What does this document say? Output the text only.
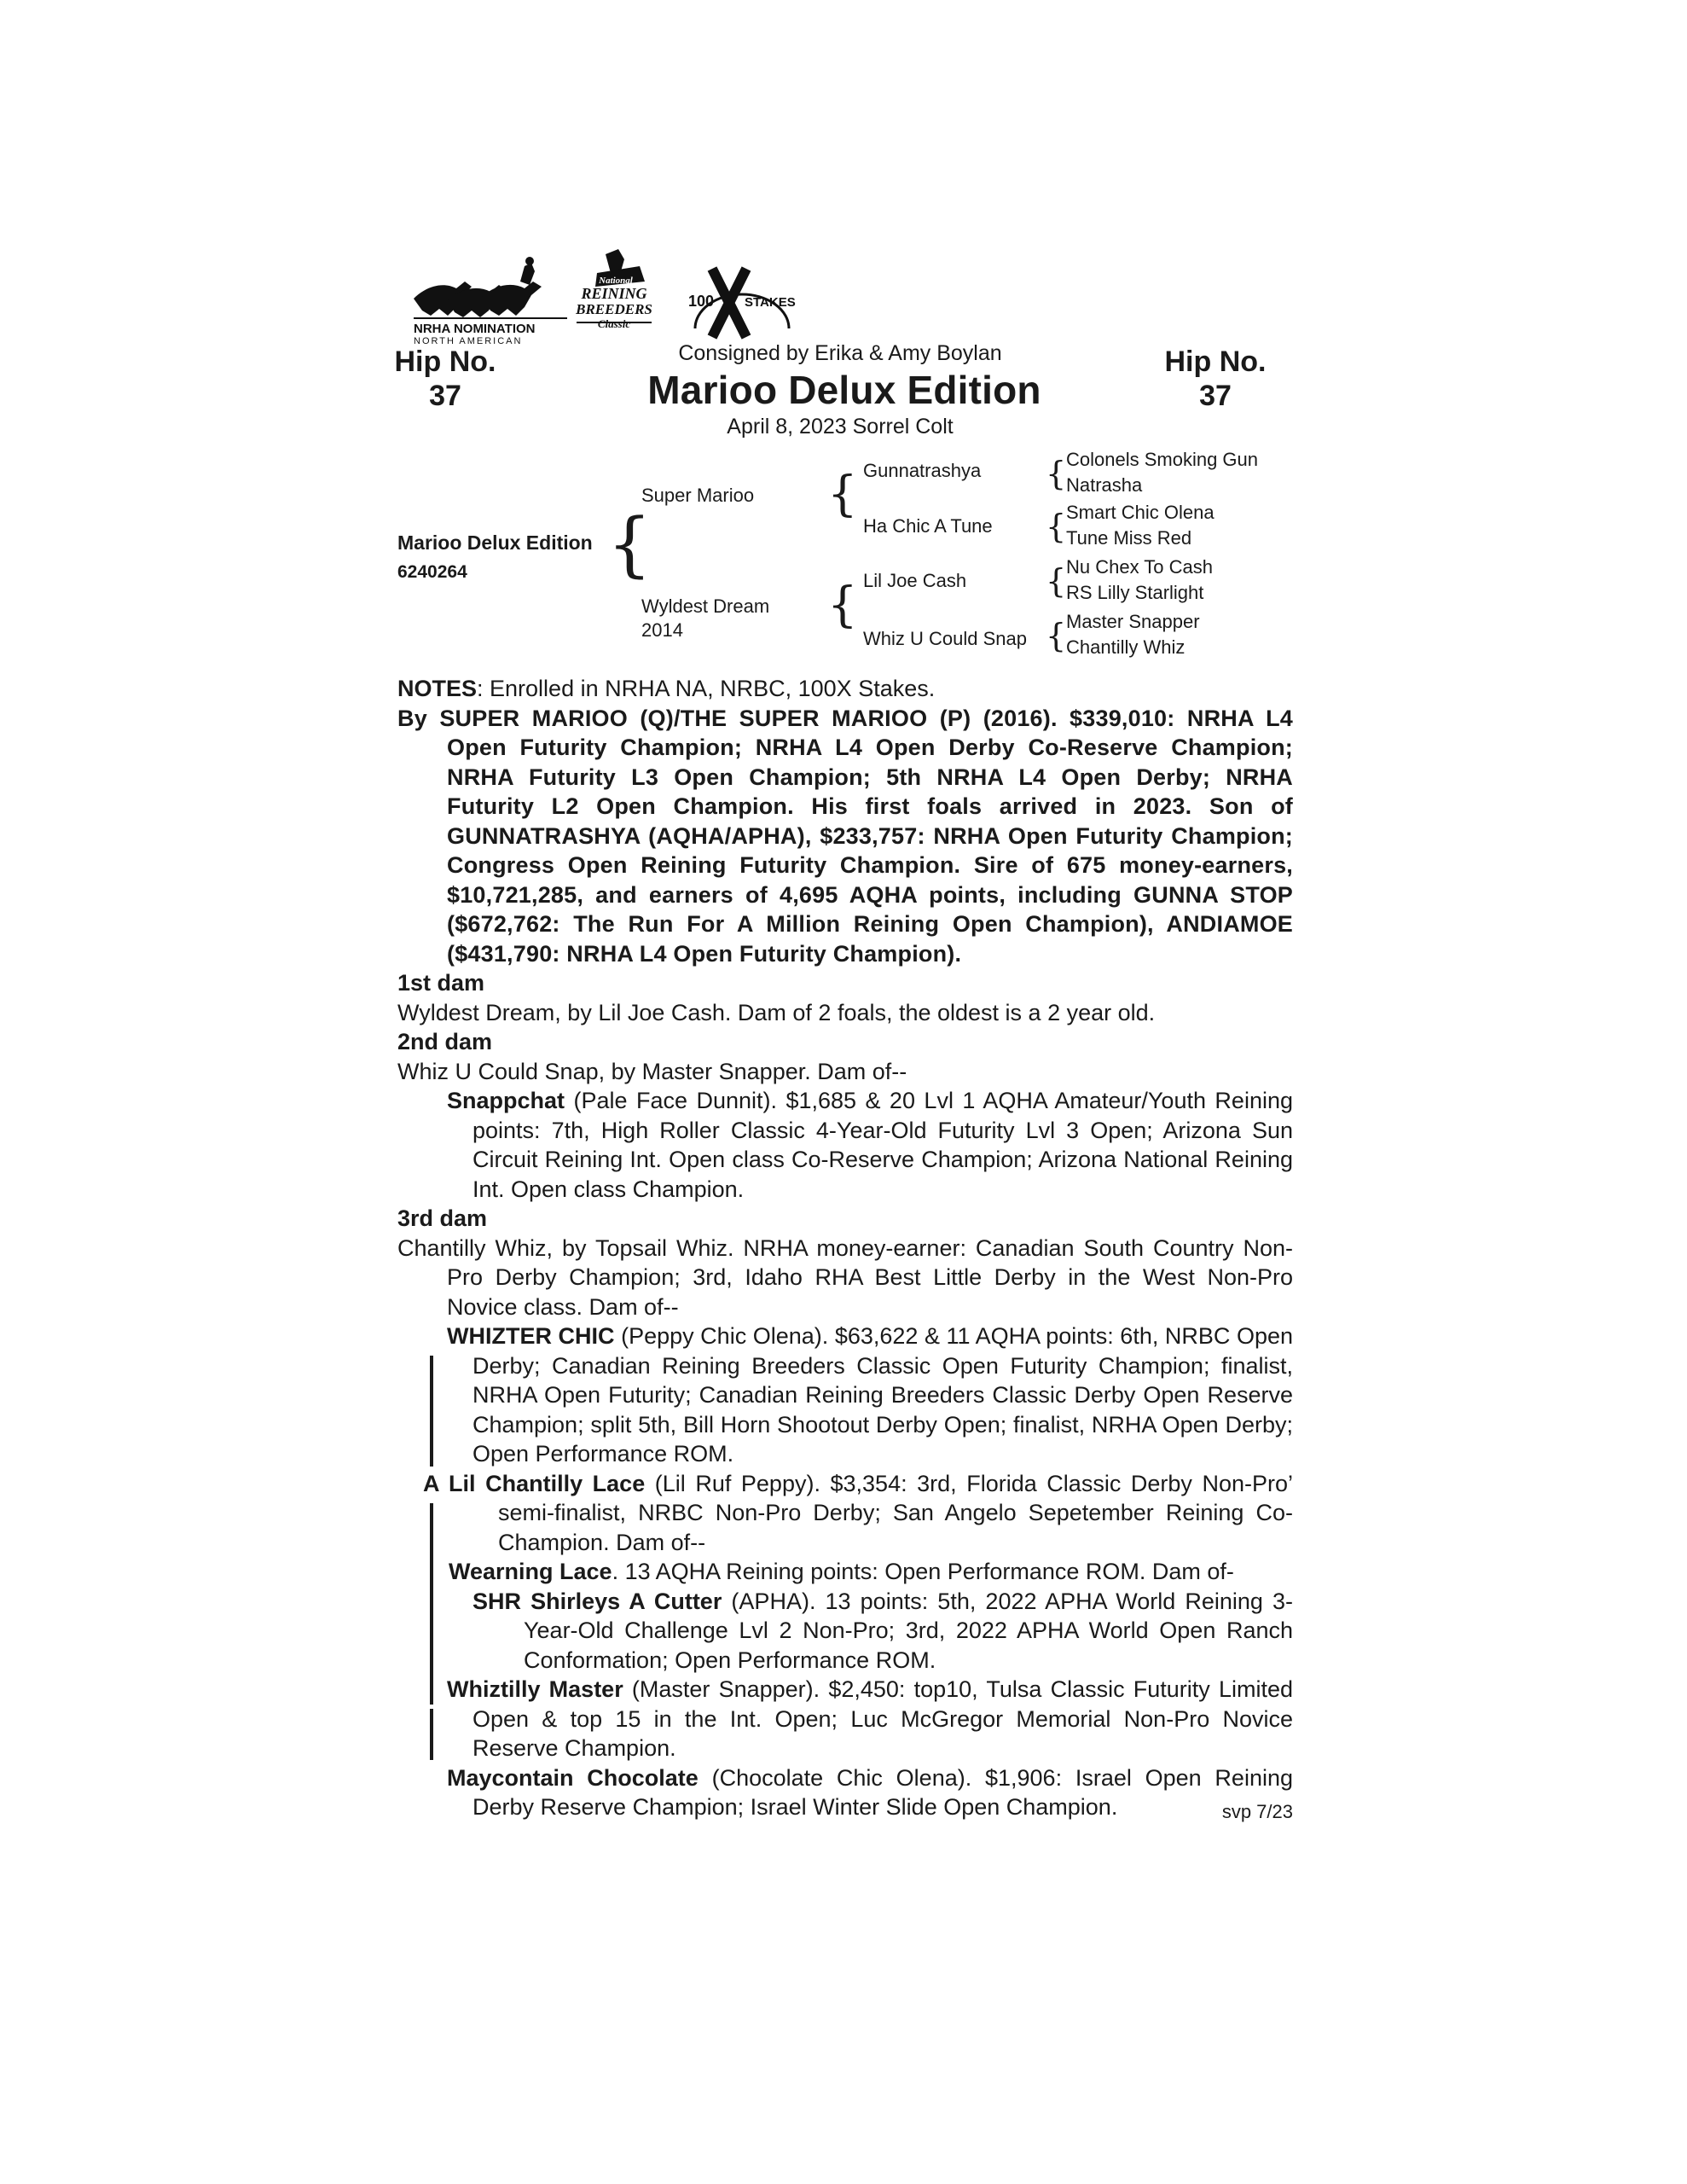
NRHA NOMINATION
NORTH AMERICAN
National
REINING
BREEDERS
Classic
100 STAKES
Hip No.
37
Hip No.
37
Consigned by Erika & Amy Boylan
Marioo Delux Edition
April 8, 2023 Sorrel Colt
Marioo Delux Edition
6240264 {
Super Marioo
Wyldest Dream
2014
{
{
Gunnatrashya
Ha Chic A Tune
Lil Joe Cash
Whiz U Could Snap
{
{
{
{
Colonels Smoking Gun
Natrasha
Smart Chic Olena
Tune Miss Red
Nu Chex To Cash
RS Lilly Starlight
Master Snapper
Chantilly Whiz

NOTES: Enrolled in NRHA NA, NRBC, 100X Stakes.

By SUPER MARIOO (Q)/THE SUPER MARIOO (P) (2016). $339,010: NRHA L4 Open Futurity Champion; NRHA L4 Open Derby Co-Reserve Champion; NRHA Futurity L3 Open Champion; 5th NRHA L4 Open Derby; NRHA Futurity L2 Open Champion. His first foals arrived in 2023. Son of GUNNATRASHYA (AQHA/APHA), $233,757: NRHA Open Futurity Champion; Congress Open Reining Futurity Champion. Sire of 675 money-earners, $10,721,285, and earners of 4,695 AQHA points, including GUNNA STOP ($672,762: The Run For A Million Reining Open Champion), ANDIAMOE ($431,790: NRHA L4 Open Futurity Champion).

1st dam

Wyldest Dream, by Lil Joe Cash. Dam of 2 foals, the oldest is a 2 year old.

2nd dam

Whiz U Could Snap, by Master Snapper. Dam of--

Snappchat (Pale Face Dunnit). $1,685 & 20 Lvl 1 AQHA Amateur/Youth Reining points: 7th, High Roller Classic 4-Year-Old Futurity Lvl 3 Open; Arizona Sun Circuit Reining Int. Open class Co-Reserve Champion; Arizona National Reining Int. Open class Champion.

3rd dam

Chantilly Whiz, by Topsail Whiz. NRHA money-earner: Canadian South Country Non-Pro Derby Champion; 3rd, Idaho RHA Best Little Derby in the West Non-Pro Novice class. Dam of--

WHIZTER CHIC (Peppy Chic Olena). $63,622 & 11 AQHA points: 6th, NRBC Open Derby; Canadian Reining Breeders Classic Open Futurity Champion; finalist, NRHA Open Futurity; Canadian Reining Breeders Classic Derby Open Reserve Champion; split 5th, Bill Horn Shootout Derby Open; finalist, NRHA Open Derby; Open Performance ROM.

A Lil Chantilly Lace (Lil Ruf Peppy). $3,354: 3rd, Florida Classic Derby Non-Pro’ semi-finalist, NRBC Non-Pro Derby; San Angelo Sepetember Reining Co-Champion. Dam of--

Wearning Lace. 13 AQHA Reining points: Open Performance ROM. Dam of-

SHR Shirleys A Cutter (APHA). 13 points: 5th, 2022 APHA World Reining 3-Year-Old Challenge Lvl 2 Non-Pro; 3rd, 2022 APHA World Open Ranch Conformation; Open Performance ROM.

Whiztilly Master (Master Snapper). $2,450: top10, Tulsa Classic Futurity Limited Open & top 15 in the Int. Open; Luc McGregor Memorial Non-Pro Novice Reserve Champion.

Maycontain Chocolate (Chocolate Chic Olena). $1,906: Israel Open Reining Derby Reserve Champion; Israel Winter Slide Open Champion.	svp 7/23
